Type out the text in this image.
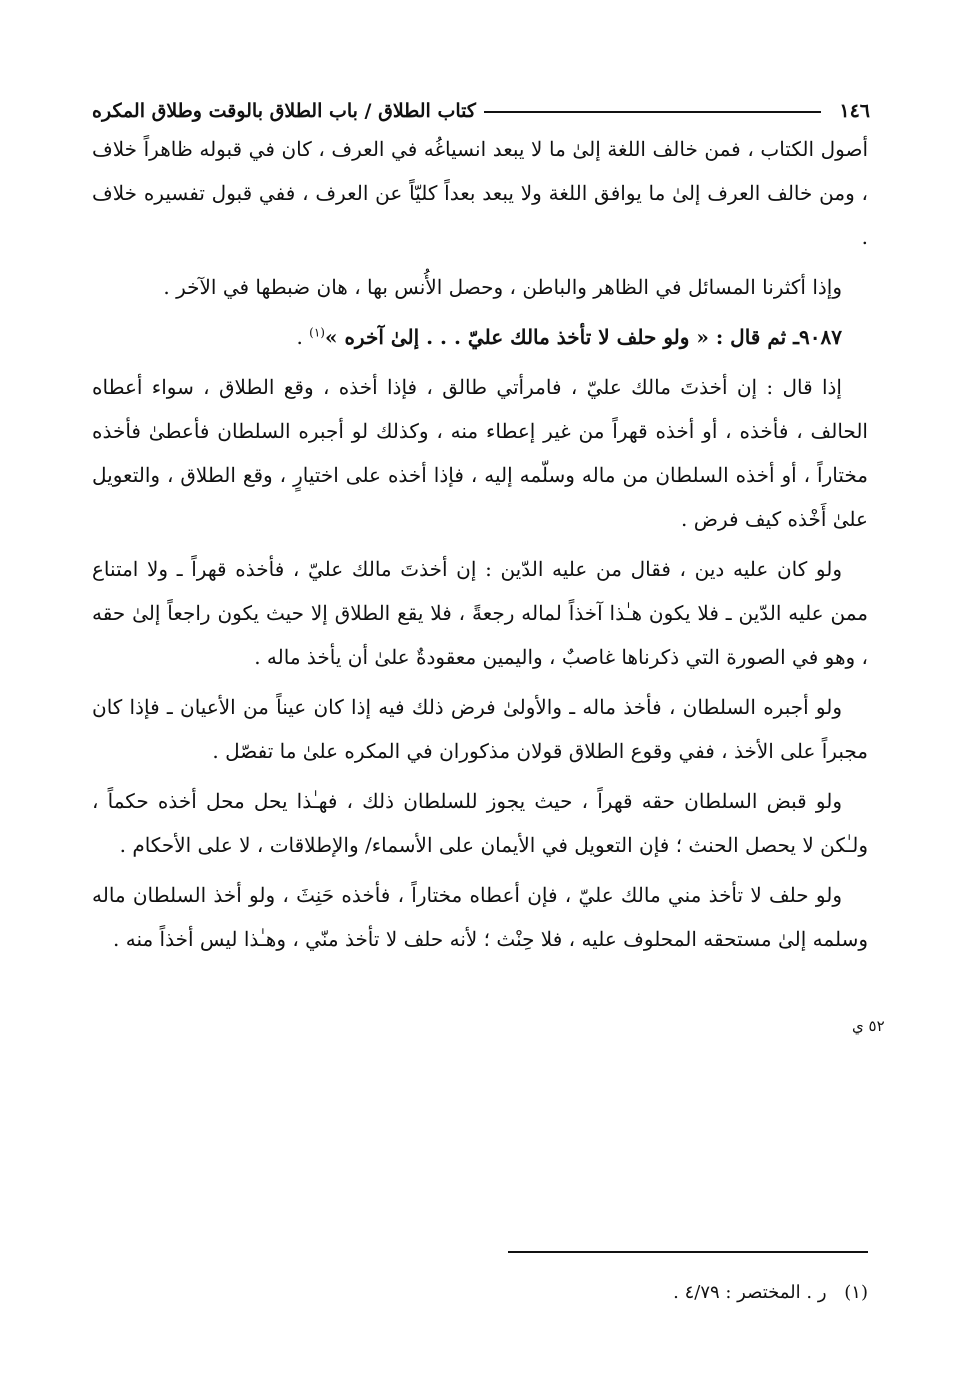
١٤٦
كتاب الطلاق / باب الطلاق بالوقت وطلاق المكره

أصول الكتاب ، فمن خالف اللغة إلىٰ ما لا يبعد انسياغُه في العرف ، كان في قبوله ظاهراً خلاف ، ومن خالف العرف إلىٰ ما يوافق اللغة ولا يبعد بعداً كليّاً عن العرف ، ففي قبول تفسيره خلاف .

وإذا أكثرنا المسائل في الظاهر والباطن ، وحصل الأُنس بها ، هان ضبطها في الآخر .

٩٠٨٧ـ ثم قال : « ولو حلف لا تأخذ مالك عليّ . . . إلىٰ آخره »$^{(١)}$ .

إذا قال : إن أخذتَ مالك عليّ ، فامرأتي طالق ، فإذا أخذه ، وقع الطلاق ، سواء أعطاه الحالف ، فأخذه ، أو أخذه قهراً من غير إعطاء منه ، وكذلك لو أجبره السلطان فأعطىٰ فأخذه مختاراً ، أو أخذه السلطان من ماله وسلّمه إليه ، فإذا أخذه على اختيارٍ ، وقع الطلاق ، والتعويل علىٰ أَخْذه كيف فرض .

ولو كان عليه دين ، فقال من عليه الدّين : إن أخذتَ مالك عليّ ، فأخذه قهراً ـ ولا امتناع ممن عليه الدّين ـ فلا يكون هـٰذا آخذاً لماله رجعةً ، فلا يقع الطلاق إلا حيث يكون راجعاً إلىٰ حقه ، وهو في الصورة التي ذكرناها غاصبٌ ، واليمين معقودةٌ علىٰ أن يأخذ ماله .

ولو أجبره السلطان ، فأخذ ماله ـ والأولىٰ فرض ذلك فيه إذا كان عيناً من الأعيان ـ فإذا كان مجبراً على الأخذ ، ففي وقوع الطلاق قولان مذكوران في المكره علىٰ ما تفصّل .

ولو قبض السلطان حقه قهراً ، حيث يجوز للسلطان ذلك ، فهـٰذا يحل محل أخذه حكماً ، ولـٰكن لا يحصل الحنث ؛ فإن التعويل في الأيمان على الأسماء/ والإطلاقات ، لا على الأحكام .

ولو حلف لا تأخذ مني مالك عليّ ، فإن أعطاه مختاراً ، فأخذه حَنِثَ ، ولو أخذ السلطان ماله وسلمه إلىٰ مستحقه المحلوف عليه ، فلا حِنْث ؛ لأنه حلف لا تأخذ منّي ، وهـٰذا ليس أخذاً منه .

٥٢ ي
(١) ر . المختصر : ٤/٧٩ .
